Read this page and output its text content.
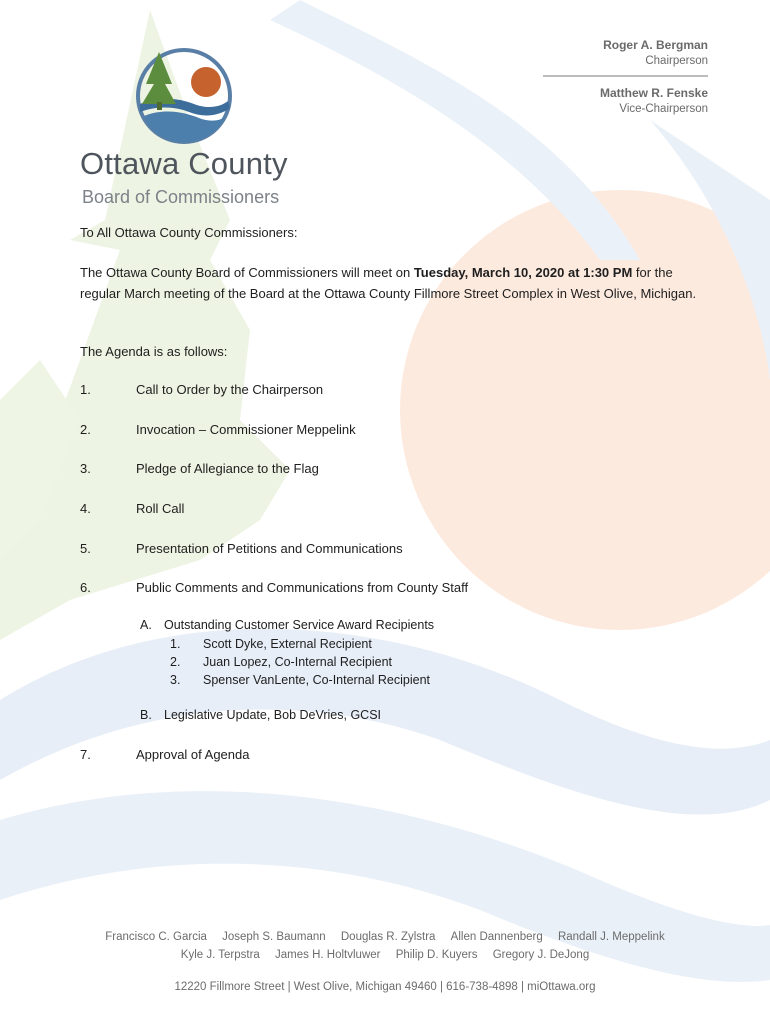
Ottawa County
Board of Commissioners
Roger A. Bergman
Chairperson
Matthew R. Fenske
Vice-Chairperson
To All Ottawa County Commissioners:
The Ottawa County Board of Commissioners will meet on Tuesday, March 10, 2020 at 1:30 PM for the regular March meeting of the Board at the Ottawa County Fillmore Street Complex in West Olive, Michigan.
The Agenda is as follows:
1.	Call to Order by the Chairperson
2.	Invocation – Commissioner Meppelink
3.	Pledge of Allegiance to the Flag
4.	Roll Call
5.	Presentation of Petitions and Communications
6.	Public Comments and Communications from County Staff
A. Outstanding Customer Service Award Recipients
1. Scott Dyke, External Recipient
2. Juan Lopez, Co-Internal Recipient
3. Spenser VanLente, Co-Internal Recipient
B. Legislative Update, Bob DeVries, GCSI
7.	Approval of Agenda
Francisco C. Garcia Joseph S. Baumann Douglas R. Zylstra Allen Dannenberg Randall J. Meppelink
Kyle J. Terpstra James H. Holtvluwer Philip D. Kuyers Gregory J. DeJong
12220 Fillmore Street | West Olive, Michigan 49460 | 616-738-4898 | miOttawa.org
